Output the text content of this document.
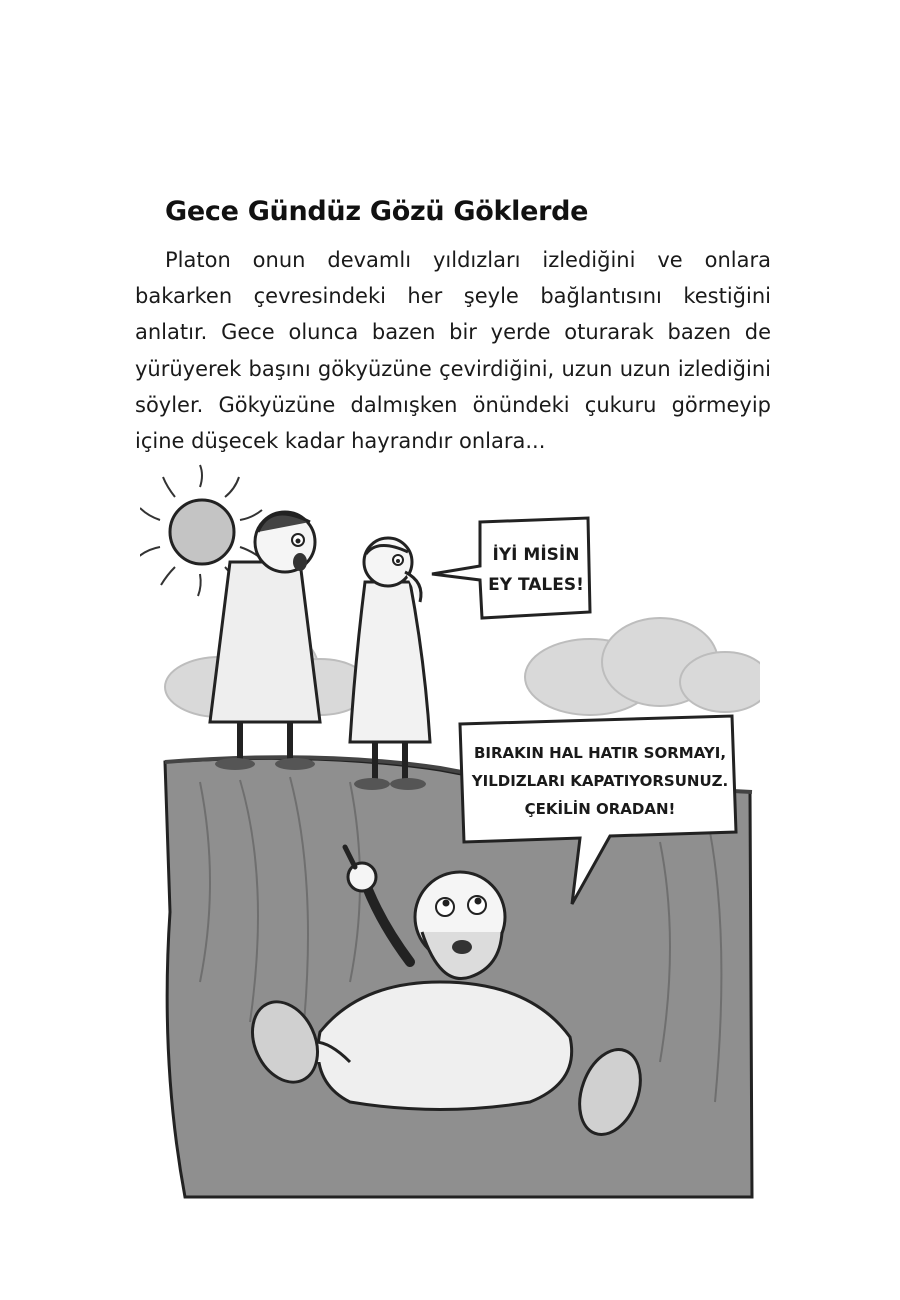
Gece Gündüz Gözü Göklerde

Platon onun devamlı yıldızları izlediğini ve onlara bakarken çevresindeki her şeyle bağlantısını kestiğini anlatır. Gece olunca bazen bir yerde oturarak bazen de yürüyerek başını gökyüzüne çevirdiğini, uzun uzun izlediğini söyler. Gökyüzüne dalmışken önündeki çukuru görmeyip içine düşecek kadar hayrandır onlara...

İYİ MİSİN
EY TALES!
BIRAKIN HAL HATIR SORMAYI,
YILDIZLARI KAPATIYORSUNUZ.
ÇEKİLİN ORADAN!
